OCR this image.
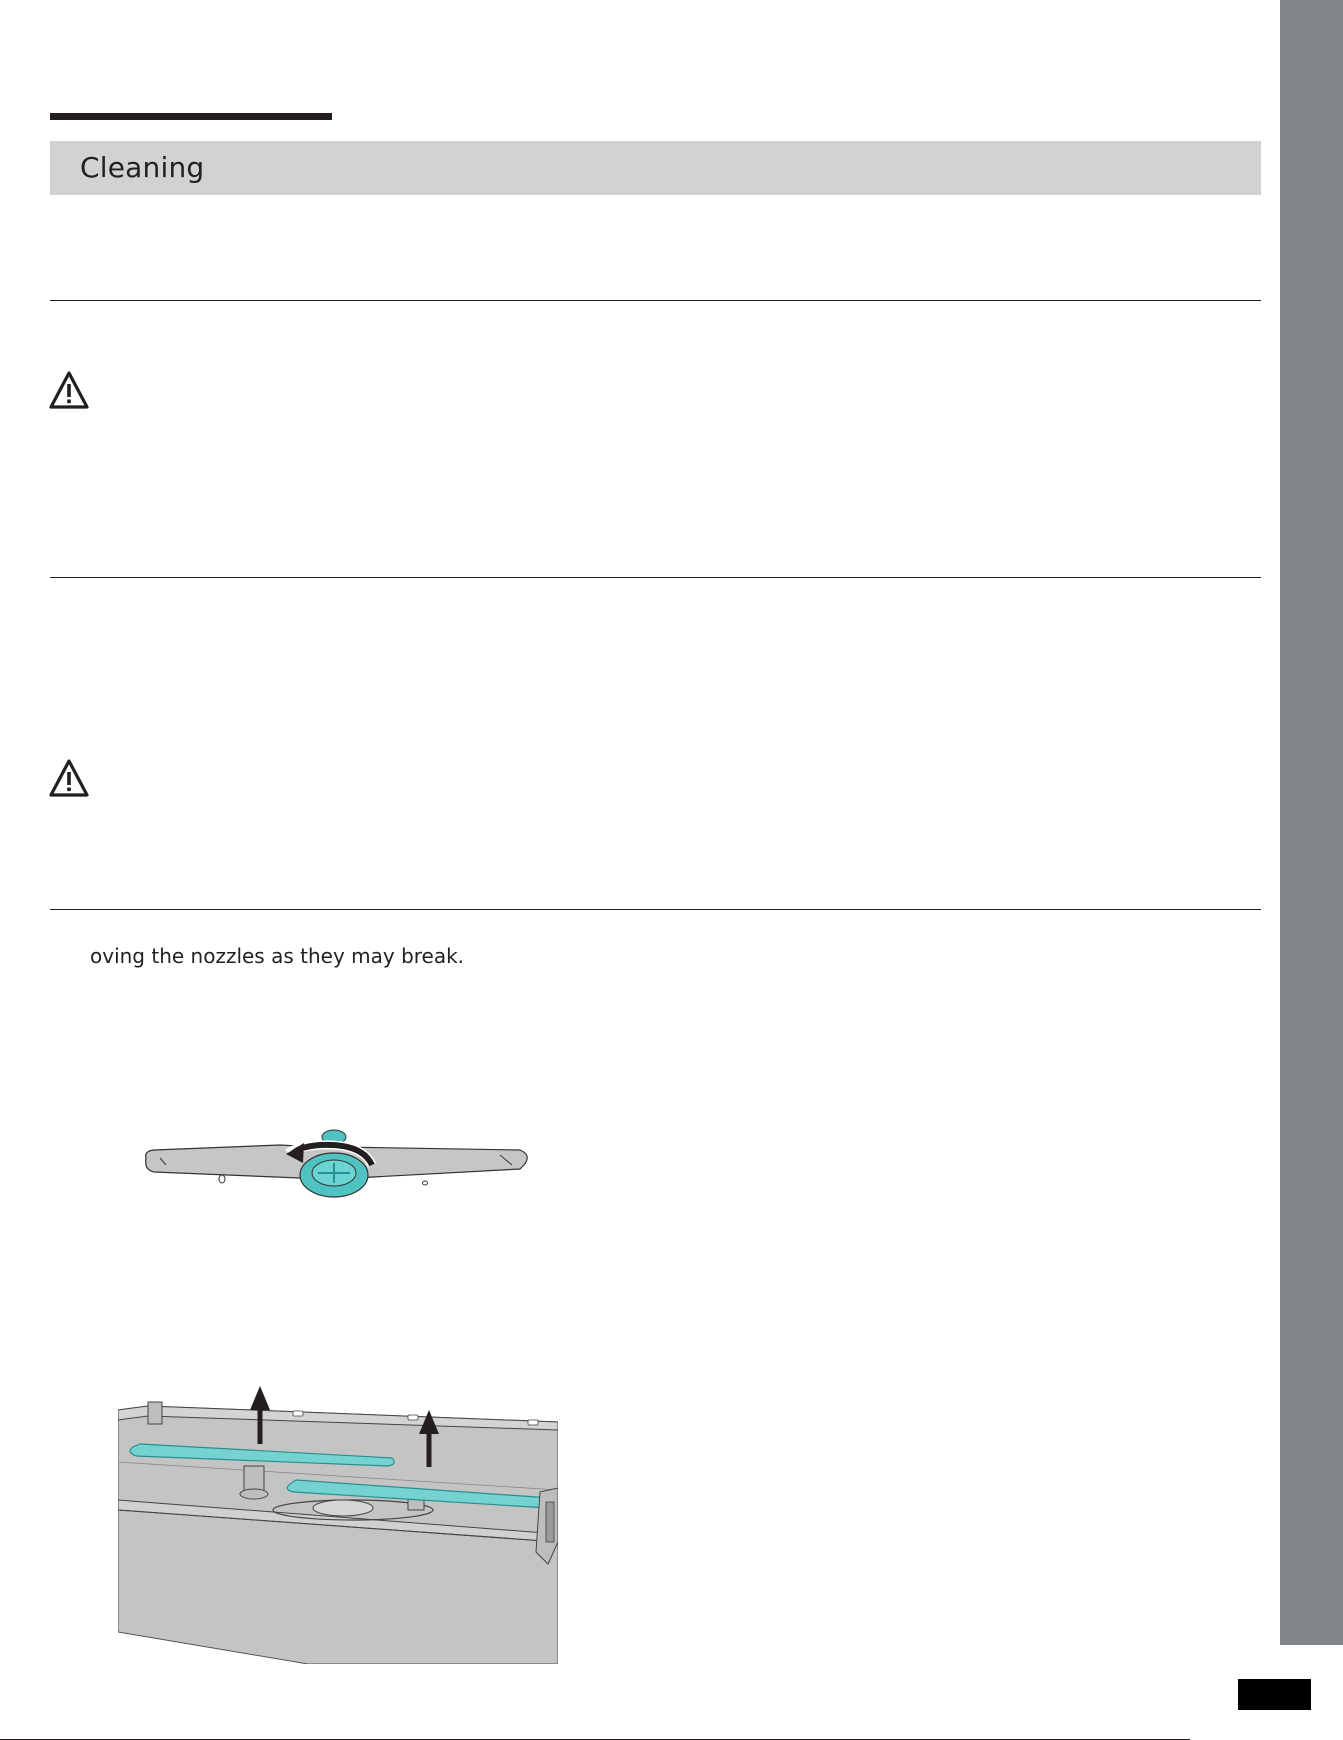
Cleaning
oving the nozzles as they may break.
